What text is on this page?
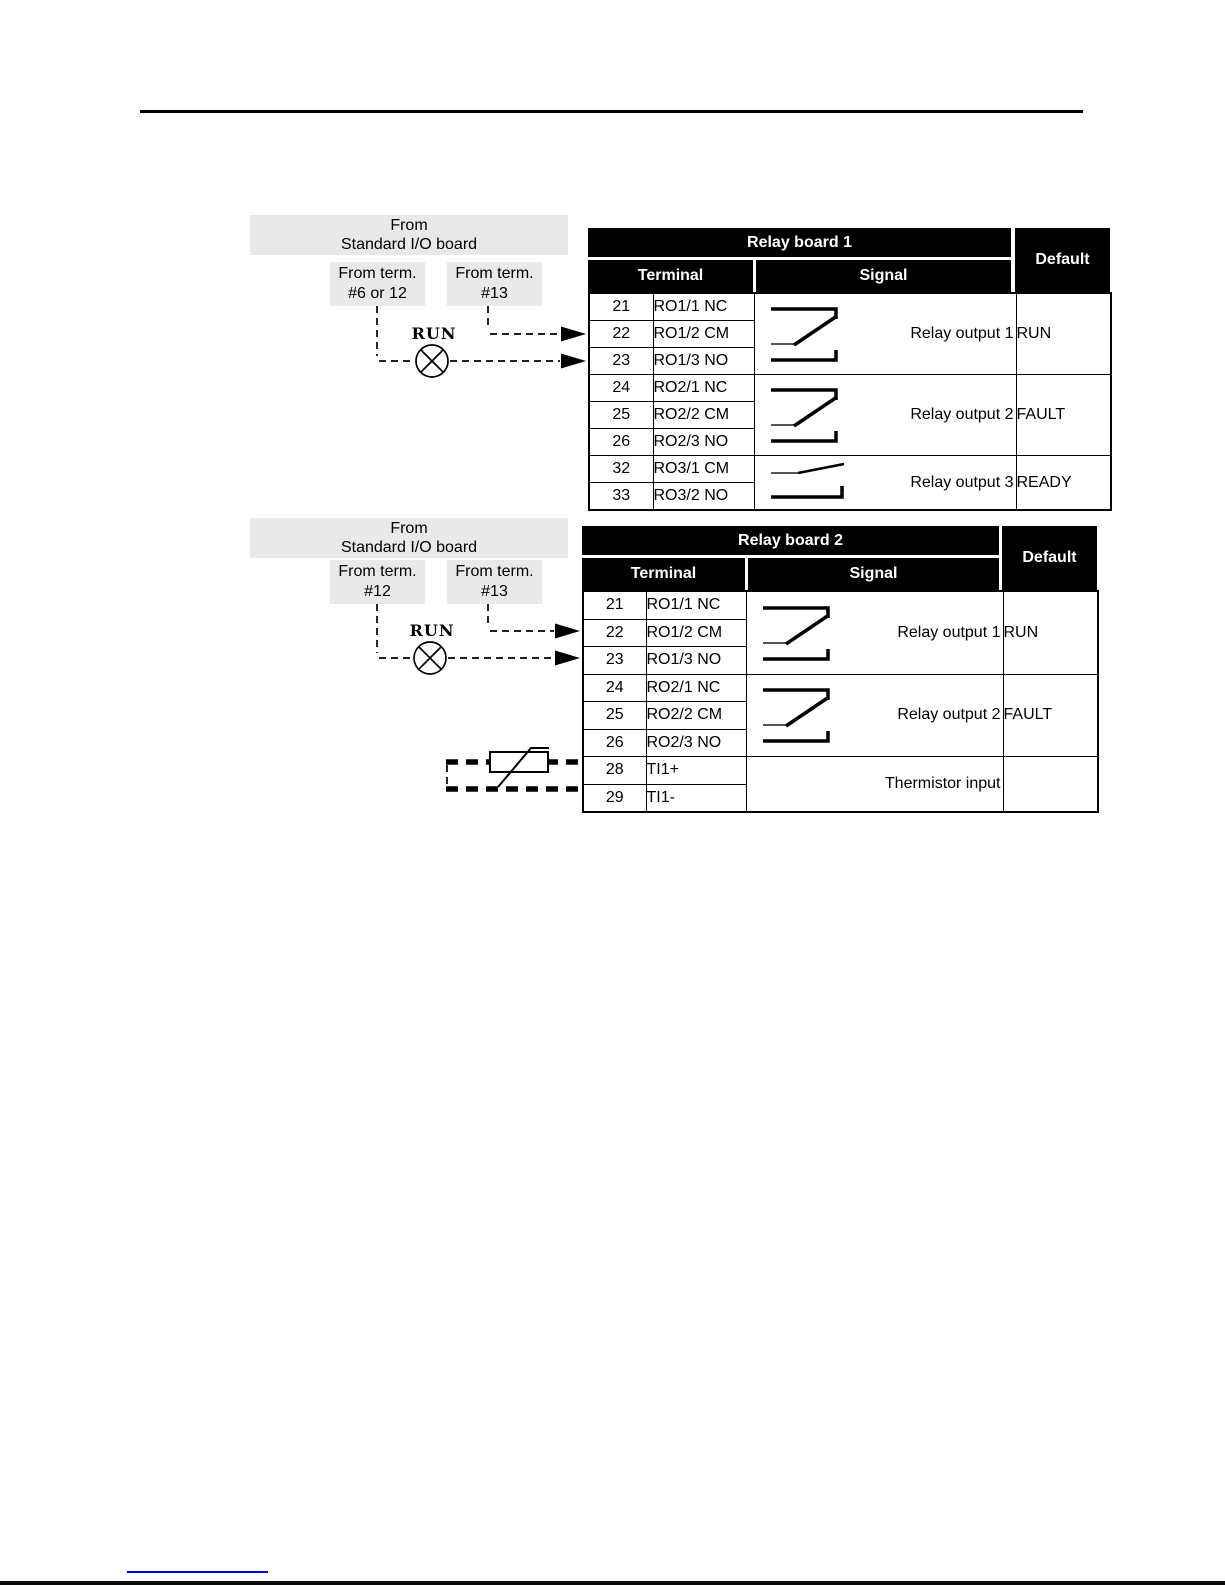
From
Standard I/O board
From term.
#6 or 12
From term.
#13
RUN
From
Standard I/O board
From term.
#12
From term.
#13
RUN
Relay board 1
Terminal	Signal
Default
21	RO1/1 NC	Relay output 1	RUN
22	RO1/2 CM		
23	RO1/3 NO		
24	RO2/1 NC	Relay output 2	FAULT
25	RO2/2 CM		
26	RO2/3 NO		
32	RO3/1 CM	Relay output 3	READY
33	RO3/2 NO		
Relay board 2
Terminal	Signal
Default
21	RO1/1 NC	Relay output 1	RUN
22	RO1/2 CM		
23	RO1/3 NO		
24	RO2/1 NC	Relay output 2	FAULT
25	RO2/2 CM		
26	RO2/3 NO		
28	TI1+	Thermistor input	

29	TI1-		
